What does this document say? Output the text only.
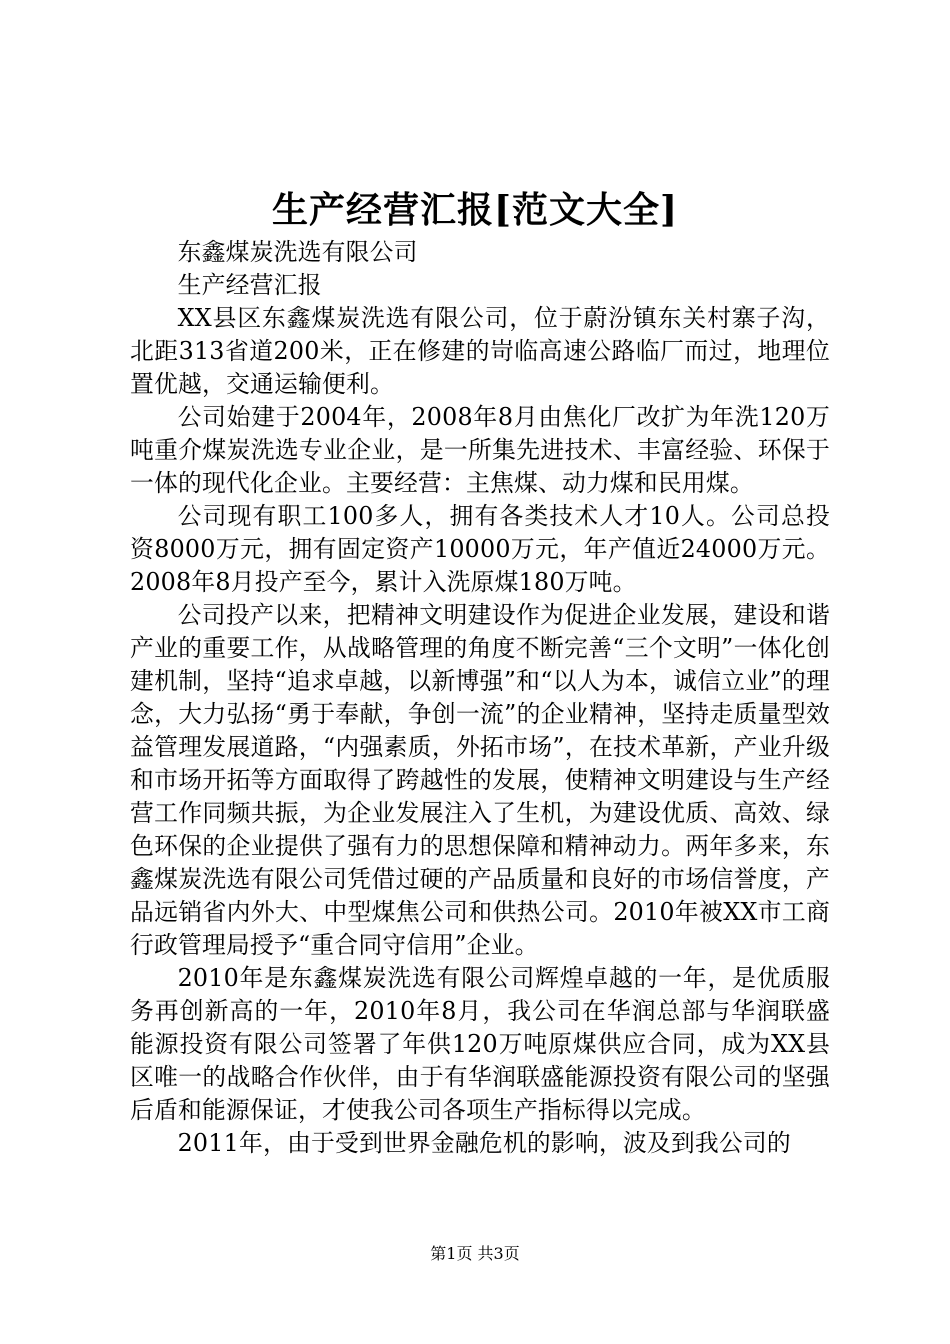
生产经营汇报[范文大全]

东鑫煤炭洗选有限公司

生产经营汇报

XX县区东鑫煤炭洗选有限公司，位于蔚汾镇东关村寨子沟，北距313省道200米，正在修建的岢临高速公路临厂而过，地理位置优越，交通运输便利。

公司始建于2004年，2008年8月由焦化厂改扩为年洗120万吨重介煤炭洗选专业企业，是一所集先进技术、丰富经验、环保于一体的现代化企业。主要经营：主焦煤、动力煤和民用煤。

公司现有职工100多人，拥有各类技术人才10人。公司总投资8000万元，拥有固定资产10000万元，年产值近24000万元。2008年8月投产至今，累计入洗原煤180万吨。

公司投产以来，把精神文明建设作为促进企业发展，建设和谐产业的重要工作，从战略管理的角度不断完善“三个文明”一体化创建机制，坚持“追求卓越，以新博强”和“以人为本，诚信立业”的理念，大力弘扬“勇于奉献，争创一流”的企业精神，坚持走质量型效益管理发展道路，“内强素质，外拓市场”，在技术革新，产业升级和市场开拓等方面取得了跨越性的发展，使精神文明建设与生产经营工作同频共振，为企业发展注入了生机，为建设优质、高效、绿色环保的企业提供了强有力的思想保障和精神动力。两年多来，东鑫煤炭洗选有限公司凭借过硬的产品质量和良好的市场信誉度，产品远销省内外大、中型煤焦公司和供热公司。2010年被XX市工商行政管理局授予“重合同守信用”企业。

2010年是东鑫煤炭洗选有限公司辉煌卓越的一年，是优质服务再创新高的一年，2010年8月，我公司在华润总部与华润联盛能源投资有限公司签署了年供120万吨原煤供应合同，成为XX县区唯一的战略合作伙伴，由于有华润联盛能源投资有限公司的坚强后盾和能源保证，才使我公司各项生产指标得以完成。

2011年，由于受到世界金融危机的影响，波及到我公司的

第1页 共3页
